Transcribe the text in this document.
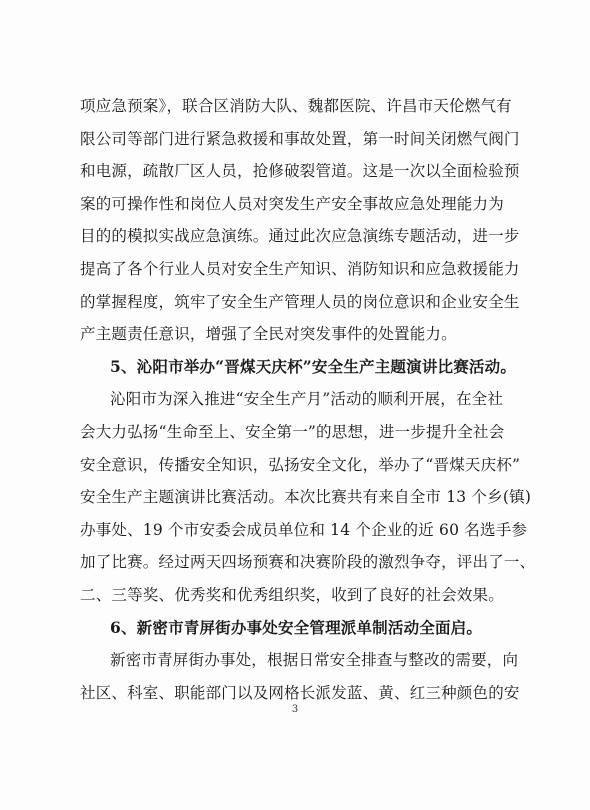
项应急预案》，联合区消防大队、魏都医院、许昌市天伦燃气有
限公司等部门进行紧急救援和事故处置，第一时间关闭燃气阀门
和电源，疏散厂区人员，抢修破裂管道。这是一次以全面检验预
案的可操作性和岗位人员对突发生产安全事故应急处理能力为
目的的模拟实战应急演练。通过此次应急演练专题活动，进一步
提高了各个行业人员对安全生产知识、消防知识和应急救援能力
的掌握程度，筑牢了安全生产管理人员的岗位意识和企业安全生
产主题责任意识，增强了全民对突发事件的处置能力。
5、沁阳市举办“晋煤天庆杯”安全生产主题演讲比赛活动。
沁阳市为深入推进“安全生产月”活动的顺利开展，在全社
会大力弘扬“生命至上、安全第一”的思想，进一步提升全社会
安全意识，传播安全知识，弘扬安全文化，举办了“晋煤天庆杯”
安全生产主题演讲比赛活动。本次比赛共有来自全市 13 个乡(镇)
办事处、19 个市安委会成员单位和 14 个企业的近 60 名选手参
加了比赛。经过两天四场预赛和决赛阶段的激烈争夺，评出了一、
二、三等奖、优秀奖和优秀组织奖，收到了良好的社会效果。
6、新密市青屏街办事处安全管理派单制活动全面启。
新密市青屏街办事处，根据日常安全排查与整改的需要，向
社区、科室、职能部门以及网格长派发蓝、黄、红三种颜色的安
3
